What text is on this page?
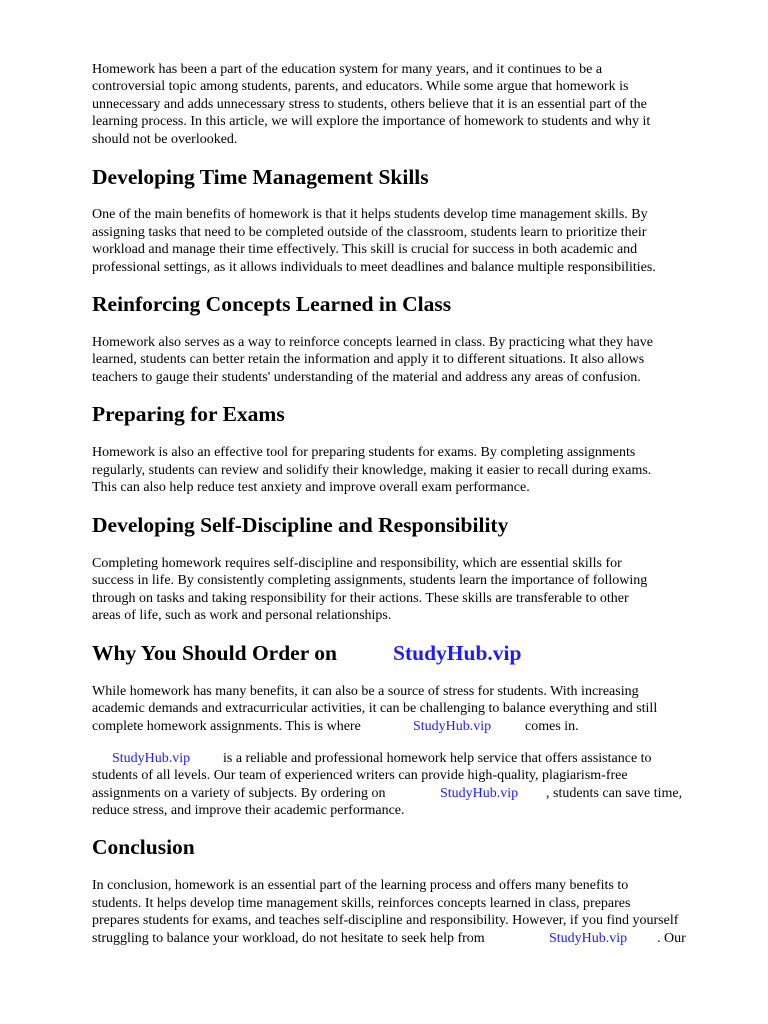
Homework has been a part of the education system for many years, and it continues to be a

controversial topic among students, parents, and educators. While some argue that homework is

unnecessary and adds unnecessary stress to students, others believe that it is an essential part of the

learning process. In this article, we will explore the importance of homework to students and why it

should not be overlooked.

Developing Time Management Skills

One of the main benefits of homework is that it helps students develop time management skills. By

assigning tasks that need to be completed outside of the classroom, students learn to prioritize their

workload and manage their time effectively. This skill is crucial for success in both academic and

professional settings, as it allows individuals to meet deadlines and balance multiple responsibilities.

Reinforcing Concepts Learned in Class

Homework also serves as a way to reinforce concepts learned in class. By practicing what they have

learned, students can better retain the information and apply it to different situations. It also allows

teachers to gauge their students' understanding of the material and address any areas of confusion.

Preparing for Exams

Homework is also an effective tool for preparing students for exams. By completing assignments

regularly, students can review and solidify their knowledge, making it easier to recall during exams.

This can also help reduce test anxiety and improve overall exam performance.

Developing Self-Discipline and Responsibility

Completing homework requires self-discipline and responsibility, which are essential skills for

success in life. By consistently completing assignments, students learn the importance of following

through on tasks and taking responsibility for their actions. These skills are transferable to other

areas of life, such as work and personal relationships.

Why You Should Order on	StudyHub.vip

While homework has many benefits, it can also be a source of stress for students. With increasing

academic demands and extracurricular activities, it can be challenging to balance everything and still

complete homework assignments. This is where	StudyHub.vip comes in.
StudyHub.vip is a reliable and professional homework help service that offers assistance to

students of all levels. Our team of experienced writers can provide high-quality, plagiarism-free

assignments on a variety of subjects. By ordering on	StudyHub.vip , students can save time,

reduce stress, and improve their academic performance.

Conclusion

In conclusion, homework is an essential part of the learning process and offers many benefits to

students. It helps develop time management skills, reinforces concepts learned in class, prepares

prepares students for exams, and teaches self-discipline and responsibility. However, if you find yourself

struggling to balance your workload, do not hesitate to seek help from	StudyHub.vip . Our
